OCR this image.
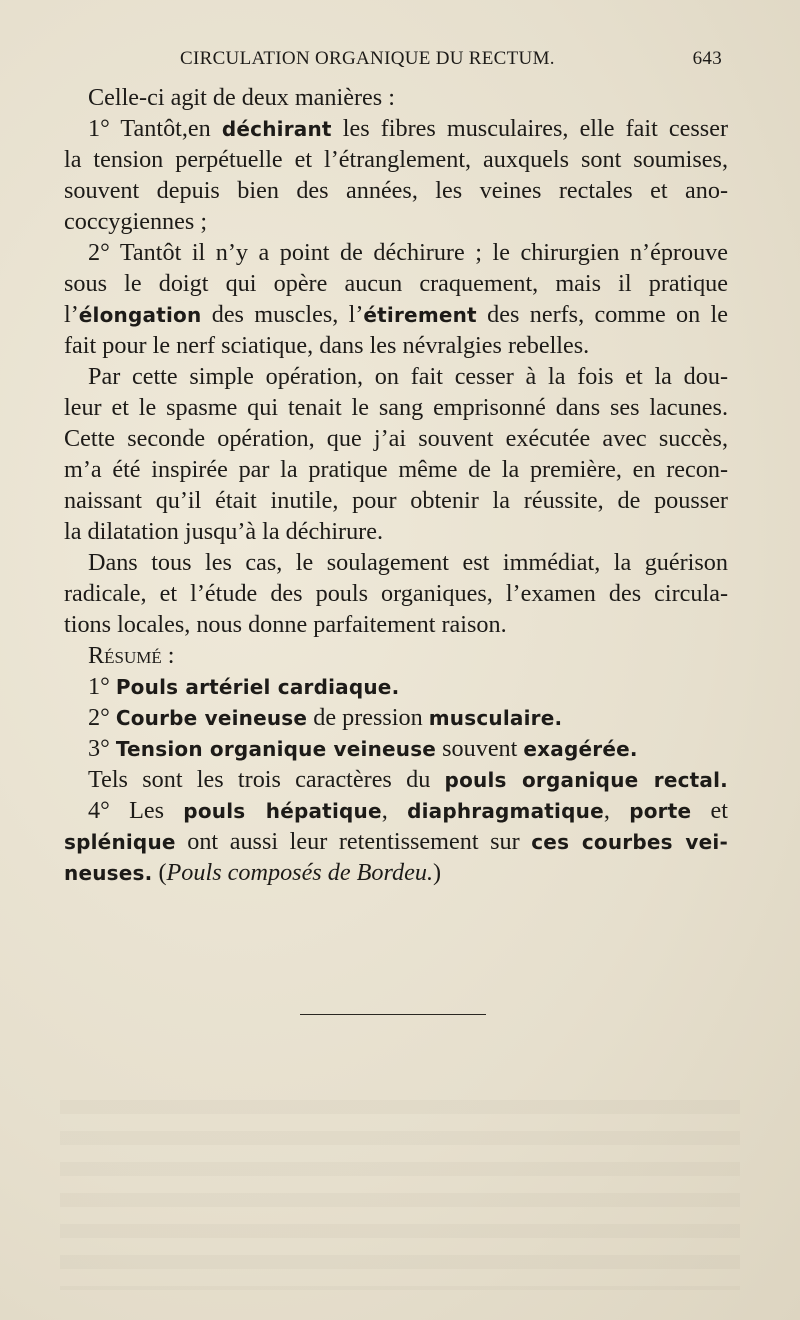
CIRCULATION ORGANIQUE DU RECTUM.	643
Celle-ci agit de deux manières :
1° Tantôt,en déchirant les fibres musculaires, elle fait cesser
la tension perpétuelle et l’étranglement, auxquels sont soumises,
souvent depuis bien des années, les veines rectales et ano-
coccygiennes ;
2° Tantôt il n’y a point de déchirure ; le chirurgien n’éprouve
sous le doigt qui opère aucun craquement, mais il pratique
l’élongation des muscles, l’étirement des nerfs, comme on le
fait pour le nerf sciatique, dans les névralgies rebelles.
Par cette simple opération, on fait cesser à la fois et la dou-
leur et le spasme qui tenait le sang emprisonné dans ses lacunes.
Cette seconde opération, que j’ai souvent exécutée avec succès,
m’a été inspirée par la pratique même de la première, en recon-
naissant qu’il était inutile, pour obtenir la réussite, de pousser
la dilatation jusqu’à la déchirure.
Dans tous les cas, le soulagement est immédiat, la guérison
radicale, et l’étude des pouls organiques, l’examen des circula-
tions locales, nous donne parfaitement raison.
Résumé :
1° Pouls artériel cardiaque.
2° Courbe veineuse de pression musculaire.
3° Tension organique veineuse souvent exagérée.
Tels sont les trois caractères du pouls organique rectal.
4° Les pouls hépatique, diaphragmatique, porte et
splénique ont aussi leur retentissement sur ces courbes vei-
neuses. (Pouls composés de Bordeu.)
